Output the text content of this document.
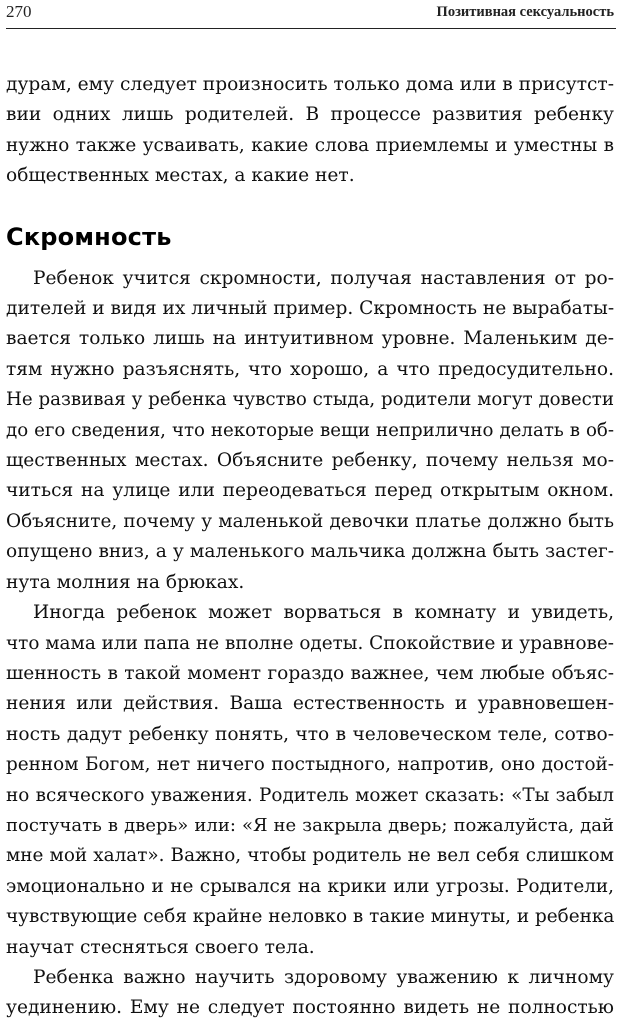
270	Позитивная сексуальность
дурам, ему следует произносить только дома или в присутст-
вии одних лишь родителей. В процессе развития ребенку
нужно также усваивать, какие слова приемлемы и уместны в
общественных местах, а какие нет.
Скромность
Ребенок учится скромности, получая наставления от ро-
дителей и видя их личный пример. Скромность не вырабаты-
вается только лишь на интуитивном уровне. Маленьким де-
тям нужно разъяснять, что хорошо, а что предосудительно.
Не развивая у ребенка чувство стыда, родители могут довести
до его сведения, что некоторые вещи неприлично делать в об-
щественных местах. Объясните ребенку, почему нельзя мо-
читься на улице или переодеваться перед открытым окном.
Объясните, почему у маленькой девочки платье должно быть
опущено вниз, а у маленького мальчика должна быть застег-
нута молния на брюках.
Иногда ребенок может ворваться в комнату и увидеть,
что мама или папа не вполне одеты. Спокойствие и уравнове-
шенность в такой момент гораздо важнее, чем любые объяс-
нения или действия. Ваша естественность и уравновешен-
ность дадут ребенку понять, что в человеческом теле, сотво-
ренном Богом, нет ничего постыдного, напротив, оно достой-
но всяческого уважения. Родитель может сказать: «Ты забыл
постучать в дверь» или: «Я не закрыла дверь; пожалуйста, дай
мне мой халат». Важно, чтобы родитель не вел себя слишком
эмоционально и не срывался на крики или угрозы. Родители,
чувствующие себя крайне неловко в такие минуты, и ребенка
научат стесняться своего тела.
Ребенка важно научить здоровому уважению к личному
уединению. Ему не следует постоянно видеть не полностью
